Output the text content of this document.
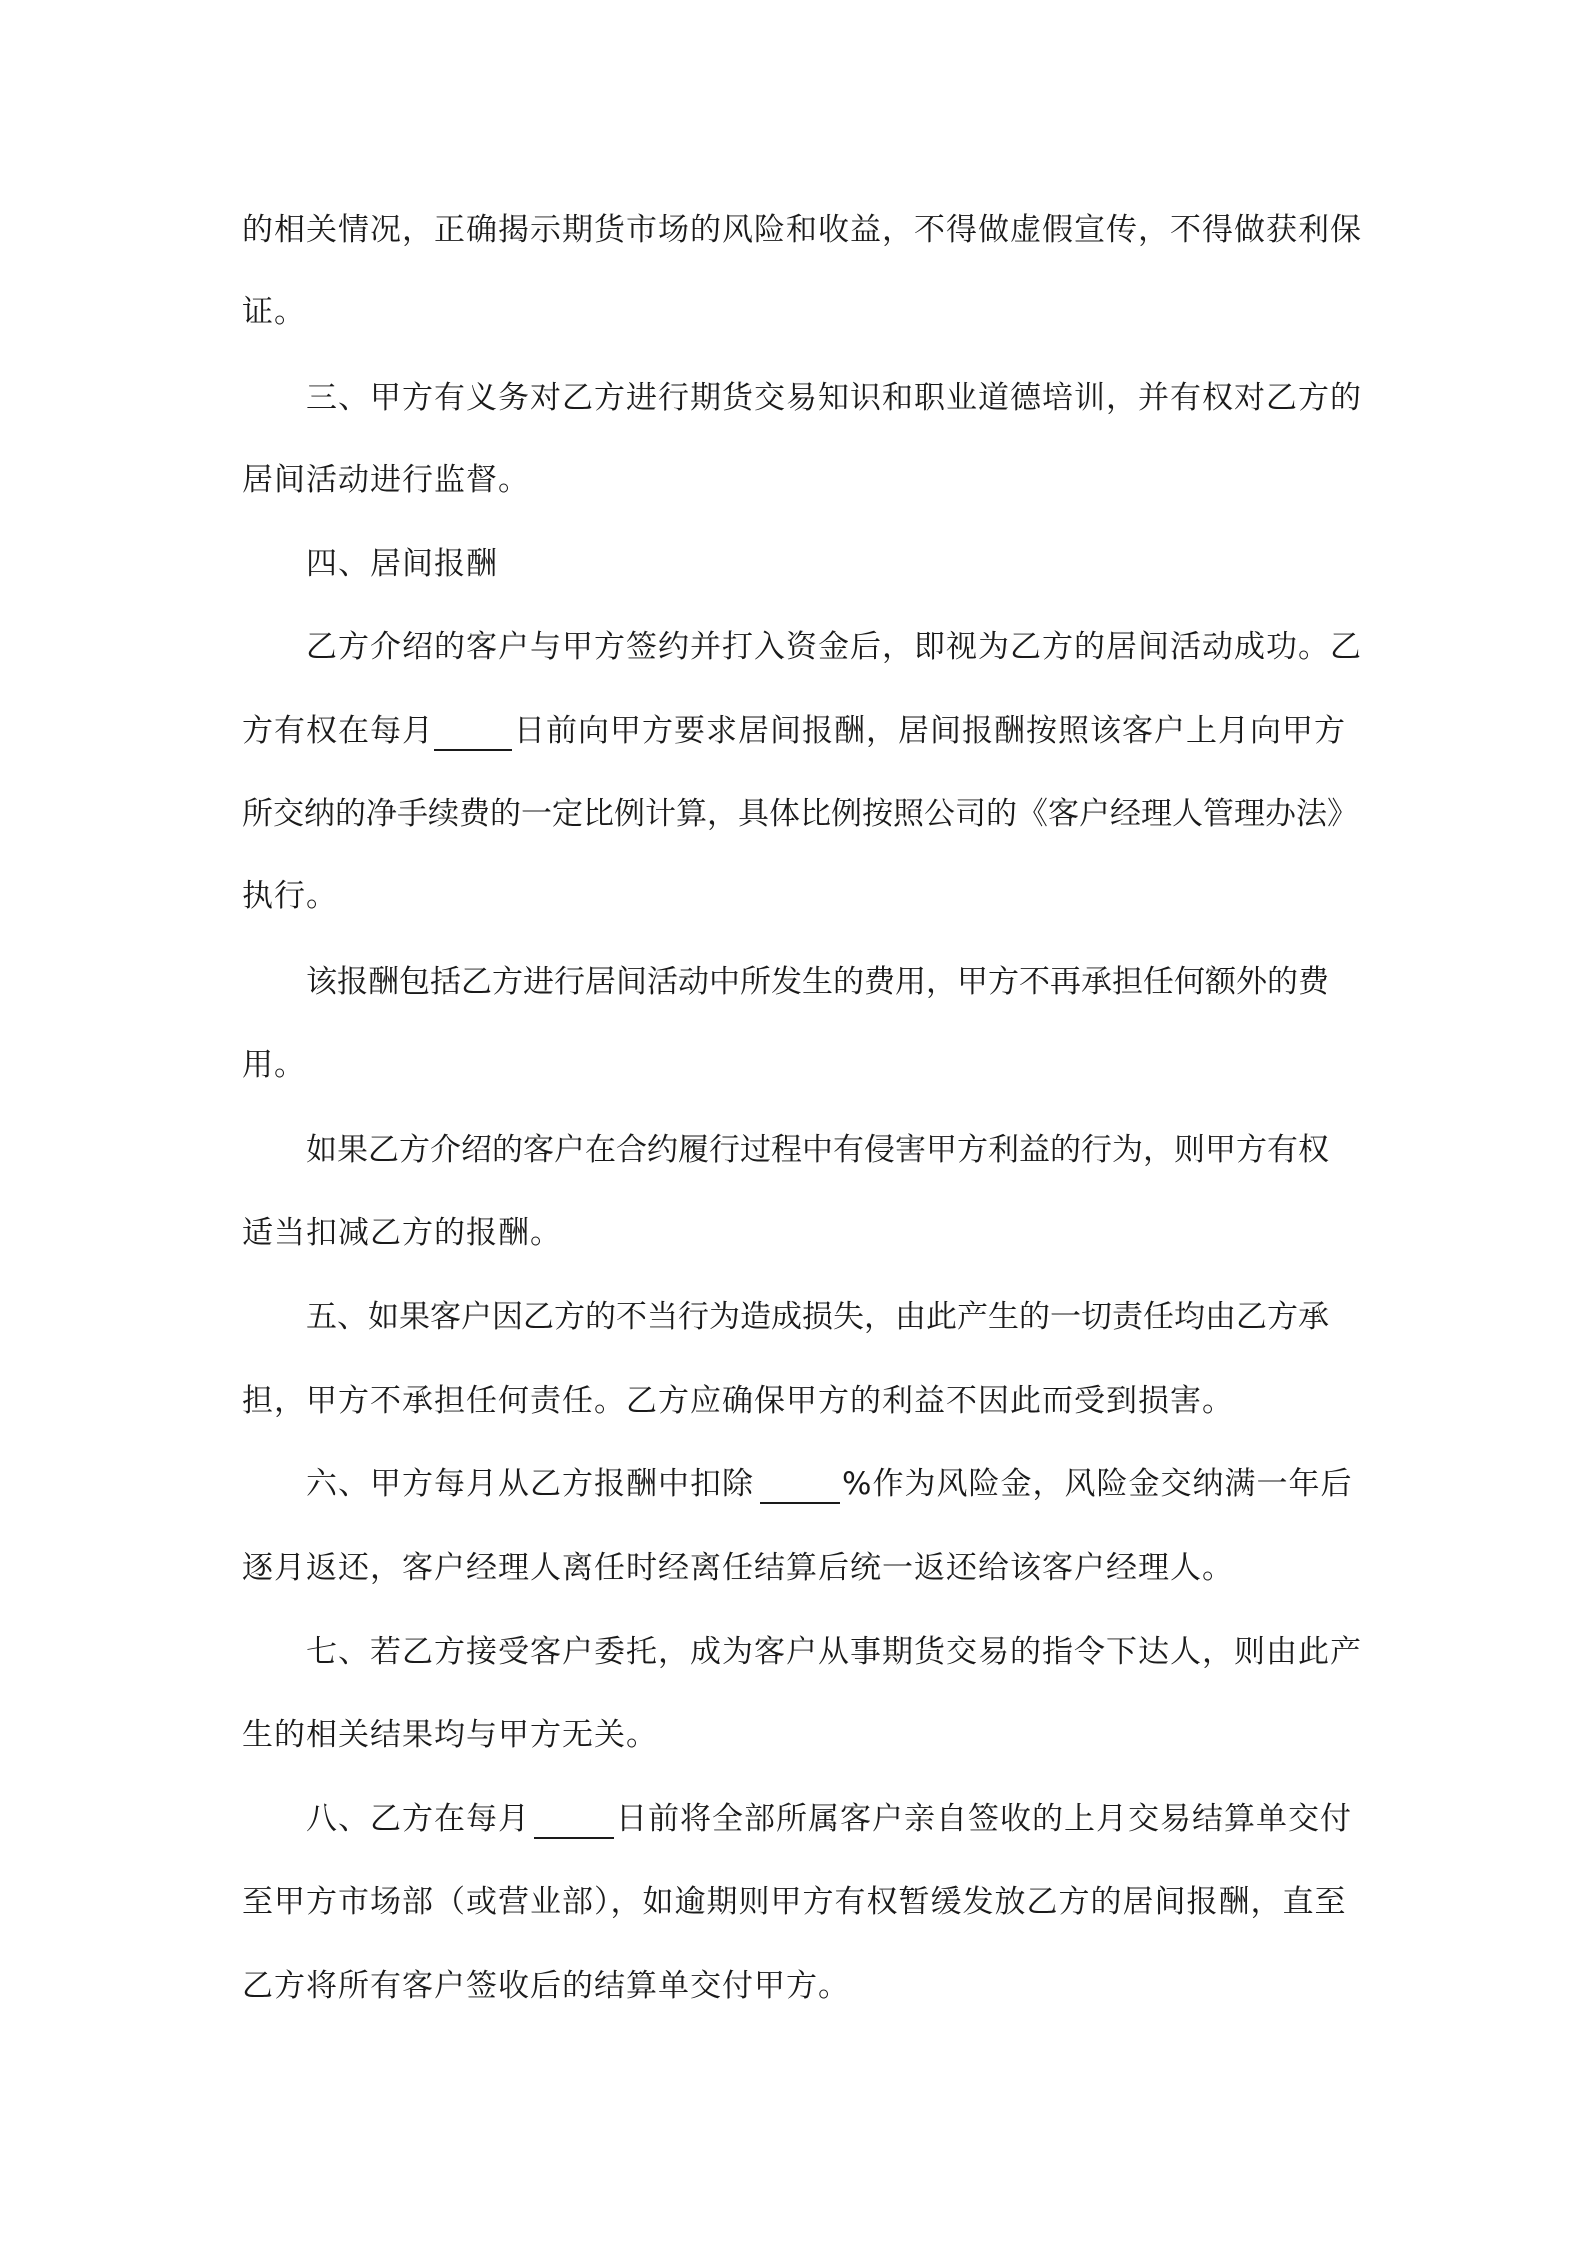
的相关情况，正确揭示期货市场的风险和收益，不得做虚假宣传，不得做获利保
证。
三、甲方有义务对乙方进行期货交易知识和职业道德培训，并有权对乙方的
居间活动进行监督。
四、居间报酬
乙方介绍的客户与甲方签约并打入资金后，即视为乙方的居间活动成功。乙
方有权在每月	日前向甲方要求居间报酬，居间报酬按照该客户上月向甲方
所交纳的净手续费的一定比例计算，具体比例按照公司的《客户经理人管理办法》
执行。
该报酬包括乙方进行居间活动中所发生的费用，甲方不再承担任何额外的费
用。
如果乙方介绍的客户在合约履行过程中有侵害甲方利益的行为，则甲方有权
适当扣减乙方的报酬。
五、如果客户因乙方的不当行为造成损失，由此产生的一切责任均由乙方承
担，甲方不承担任何责任。乙方应确保甲方的利益不因此而受到损害。
六、甲方每月从乙方报酬中扣除	%作为风险金，风险金交纳满一年后
逐月返还，客户经理人离任时经离任结算后统一返还给该客户经理人。
七、若乙方接受客户委托，成为客户从事期货交易的指令下达人，则由此产
生的相关结果均与甲方无关。
八、乙方在每月	日前将全部所属客户亲自签收的上月交易结算单交付
至甲方市场部（或营业部），如逾期则甲方有权暂缓发放乙方的居间报酬，直至
乙方将所有客户签收后的结算单交付甲方。
